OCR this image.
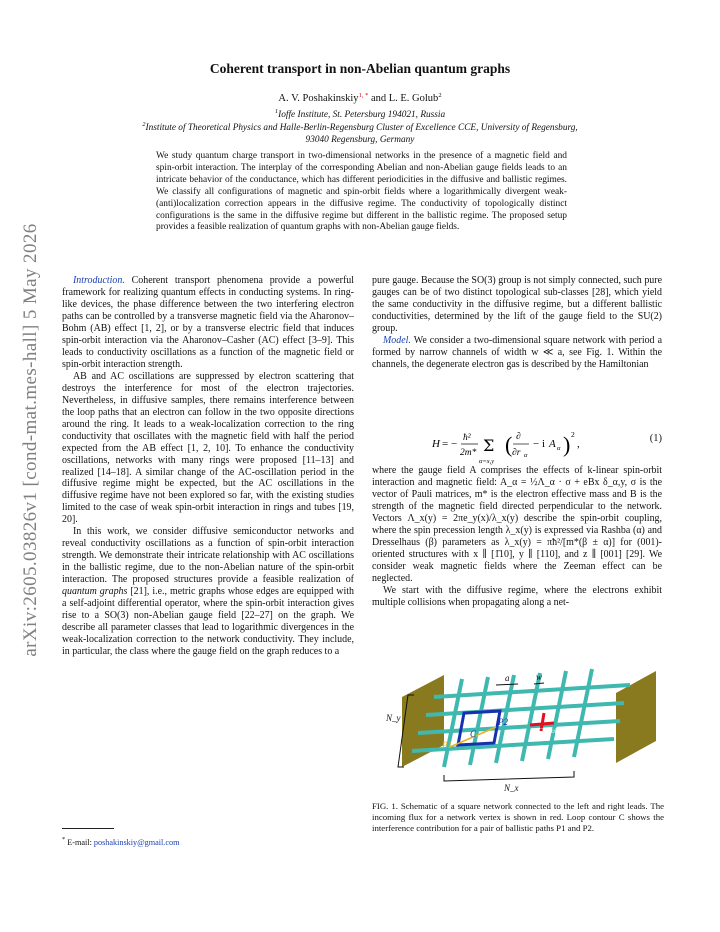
arXiv:2605.03826v1 [cond-mat.mes-hall] 5 May 2026
Coherent transport in non-Abelian quantum graphs
A. V. Poshakinskiy$^{1, *}$ and L. E. Golub$^2$
$^1$Ioffe Institute, St. Petersburg 194021, Russia
$^2$Institute of Theoretical Physics and Halle-Berlin-Regensburg Cluster of Excellence CCE, University of Regensburg, 93040 Regensburg, Germany
We study quantum charge transport in two-dimensional networks in the presence of a magnetic field and spin-orbit interaction. The interplay of the corresponding Abelian and non-Abelian gauge fields leads to an intricate behavior of the conductance, which has different periodicities in the diffusive and ballistic regimes. We classify all configurations of magnetic and spin-orbit fields where a logarithmically divergent weak-(anti)localization correction appears in the diffusive regime. The conductivity of topologically distinct configurations is the same in the diffusive regime but different in the ballistic regime. The proposed setup provides a feasible realization of quantum graphs with non-Abelian gauge fields.

Introduction. Coherent transport phenomena provide a powerful framework for realizing quantum effects in conducting systems. In ring-like devices, the phase difference between the two interfering electron paths can be controlled by a transverse magnetic field via the Aharonov–Bohm (AB) effect [1, 2], or by a transverse electric field that induces spin-orbit interaction via the Aharonov–Casher (AC) effect [3–9]. This leads to conductivity oscillations as a function of the magnetic field or spin-orbit interaction strength.

AB and AC oscillations are suppressed by electron scattering that destroys the interference for most of the electron trajectories. Nevertheless, in diffusive samples, there remains interference between the loop paths that an electron can follow in the two opposite directions around the ring. It leads to a weak-localization correction to the ring conductivity that oscillates with the magnetic field with half the period expected from the AB effect [1, 2, 10]. To enhance the conductivity oscillations, networks with many rings were proposed [11–13] and realized [14–18]. A similar change of the AC-oscillation period in the diffusive regime might be expected, but the AC oscillations in the diffusive regime have not been explored so far, with the existing studies limited to the case of weak spin-orbit interaction in rings and tubes [19, 20].

In this work, we consider diffusive semiconductor networks and reveal conductivity oscillations as a function of spin-orbit interaction strength. We demonstrate their intricate relationship with AC oscillations in the ballistic regime, due to the non-Abelian nature of the spin-orbit interaction. The proposed structures provide a feasible realization of quantum graphs [21], i.e., metric graphs whose edges are equipped with a self-adjoint differential operator, where the spin-orbit interaction gives rise to a SO(3) non-Abelian gauge field [22–27] on the graph. We describe all parameter classes that lead to logarithmic divergences in the weak-localization correction to the network conductivity. They include, in particular, the class where the gauge field on the graph reduces to a

pure gauge. Because the SO(3) group is not simply connected, such pure gauges can be of two distinct topological sub-classes [28], which yield the same conductivity in the diffusive regime, but a different ballistic conductivities, determined by the lift of the gauge field to the SU(2) group.

Model. We consider a two-dimensional square network with period a formed by narrow channels of width w ≪ a, see Fig. 1. Within the channels, the degenerate electron gas is described by the Hamiltonian

H = − ħ²
2m* Σ
α=x,y
( ∂
∂r α
− i A α ) 2
,	(1)

where the gauge field A comprises the effects of k-linear spin-orbit interaction and magnetic field: A_α = ½Λ_α · σ + eBx δ_α,y, σ is the vector of Pauli matrices, m* is the electron effective mass and B is the strength of the magnetic field directed perpendicular to the network. Vectors Λ_x(y) = 2πe_y(x)/λ_x(y) describe the spin-orbit coupling, where the spin precession length λ_x(y) is expressed via Rashba (α) and Dresselhaus (β) parameters as λ_x(y) = πħ²/[m*(β ± α)] for (001)-oriented structures with x ∥ [1̄10], y ∥ [110], and z ∥ [001] [29]. We consider weak magnetic fields where the Zeeman effect can be neglected.

We start with the diffusive regime, where the electrons exhibit multiple collisions when propagating along a net-

N_y
N_x
a	w
P1
P2
C	C_mob
FIG. 1. Schematic of a square network connected to the left and right leads. The incoming flux for a network vertex is shown in red. Loop contour C shows the interference contribution for a pair of ballistic paths P1 and P2.
* E-mail: poshakinskiy@gmail.com
